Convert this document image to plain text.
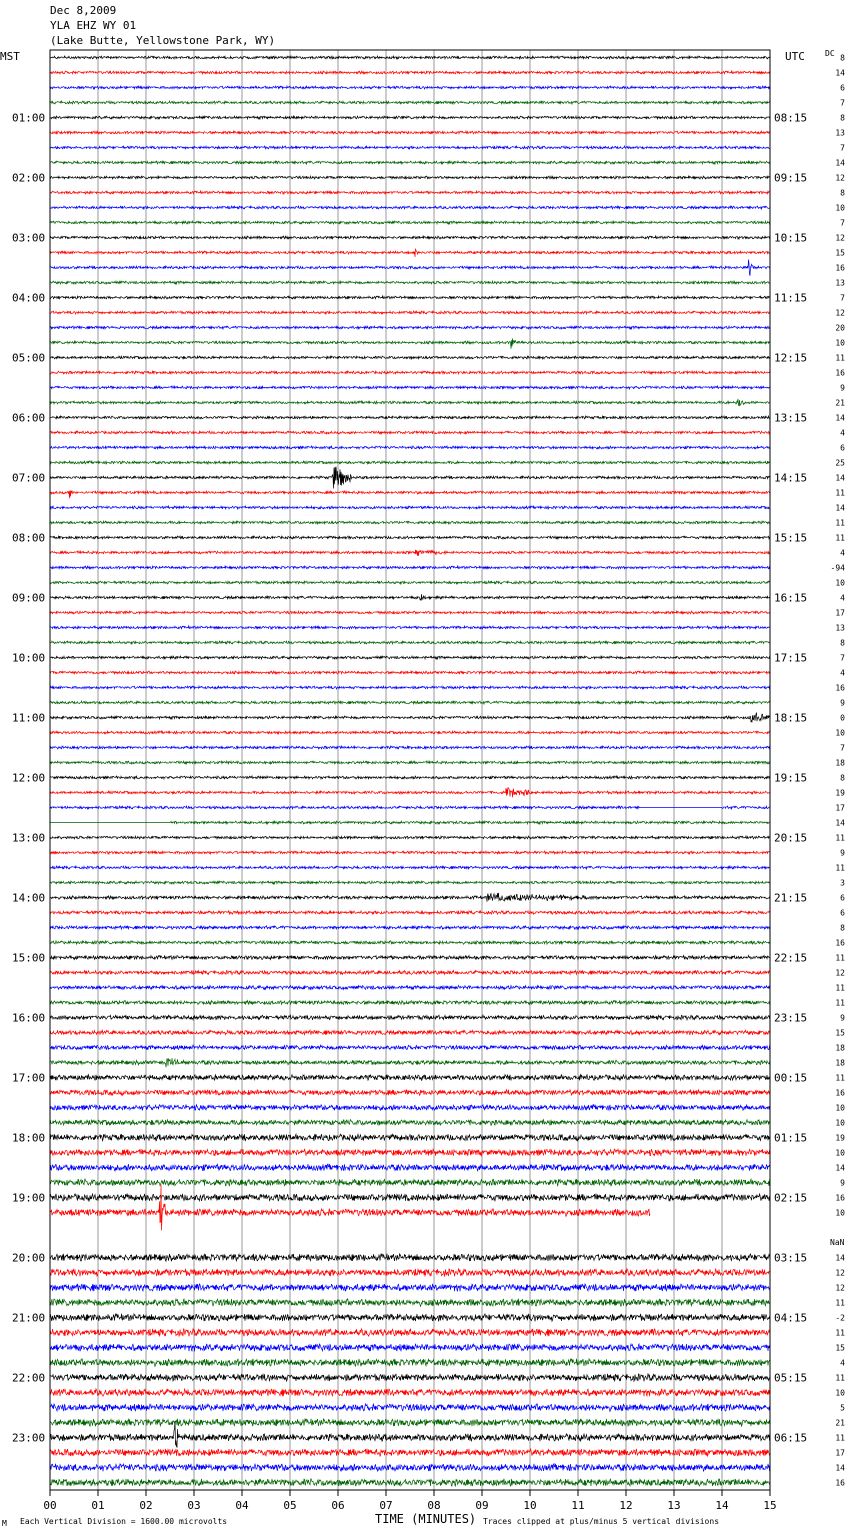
Dec 8,2009
YLA EHZ WY 01
(Lake Butte, Yellowstone Park, WY)
MST	UTC	DC
NaN
00	01	02	03	04	05	06	07	08	09	10	11	12	13	14	15
01:00
02:00
03:00
04:00
05:00
06:00
07:00
08:00
09:00
10:00
11:00
12:00
13:00
14:00
15:00
16:00
17:00
18:00
19:00
20:00
21:00
22:00
23:00
08:15
09:15
10:15
11:15
12:15
13:15
14:15
15:15
16:15
17:15
18:15
19:15
20:15
21:15
22:15
23:15
00:15
01:15
02:15
03:15
04:15
05:15
06:15
8
14
6
7
8
13
7
14
12
8
10
7
12
15
16
13
7
12
20
10
11
16
9
21
14
4
6
25
14
11
14
11
11
4
-94
10
4
17
13
8
7
4
16
9
0
10
7
18
8
19
17
14
11
9
11
3
6
6
8
16
11
12
11
11
9
15
18
18
11
16
10
10
19
10
14
9
16
10
14
12
12
11
-2
11
15
4
11
10
5
21
11
17
14
16
TIME (MINUTES)
Each Vertical Division = 1600.00 microvolts	Traces clipped at plus/minus 5 vertical divisions
Μ
